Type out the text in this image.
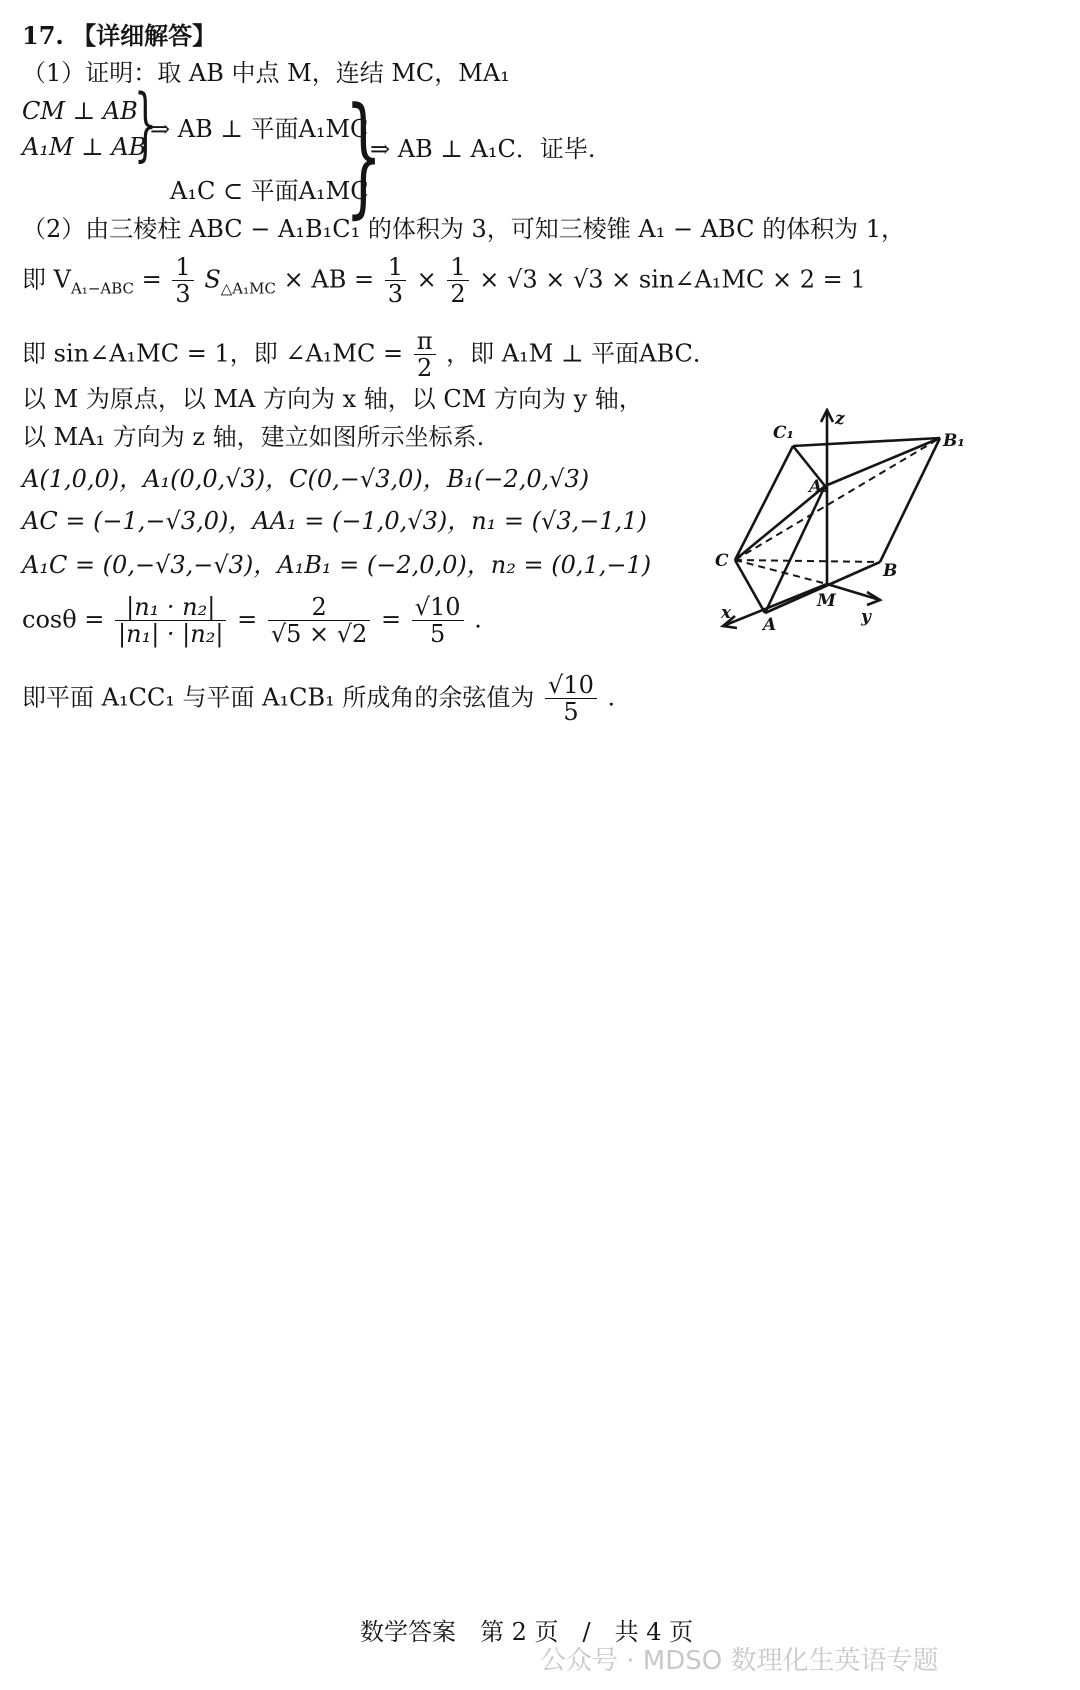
17. 【详细解答】
（1）证明：取 AB 中点 M，连结 MC，MA₁
CM ⊥ AB
A₁M ⊥ AB
}
⇒ AB ⊥ 平面A₁MC
A₁C ⊂ 平面A₁MC
}
⇒ AB ⊥ A₁C．证毕.
（2）由三棱柱 ABC − A₁B₁C₁ 的体积为 3，可知三棱锥 A₁ − ABC 的体积为 1，
即 $V_{A_1-ABC} = \frac{1}{3} S_{\triangle A_1MC}$ × AB = $\frac{1}{3} \times \frac{1}{2} \times √3 \times √3$ × sin∠A₁MC × 2 = 1
即 sin∠A₁MC = 1，即 ∠A₁MC = $\frac{\pi}{2}$ ，即 A₁M ⊥ 平面ABC．
以 M 为原点，以 MA 方向为 x 轴，以 CM 方向为 y 轴，
以 MA₁ 方向为 z 轴，建立如图所示坐标系.
A(1,0,0)，A₁(0,0,√3)，C(0,−√3,0)，B₁(−2,0,√3)
AC = (−1,−√3,0)，AA₁ = (−1,0,√3)，n₁ = (√3,−1,1)
A₁C = (0,−√3,−√3)，A₁B₁ = (−2,0,0)，n₂ = (0,1,−1)
$\cos\theta = \frac{\text{|n₁ · n₂|}}{\text{|n₁| · |n₂|}} = \frac{2}{√5 \times √2} = \frac{√10}{5}$ .
即平面 A₁CC₁ 与平面 A₁CB₁ 所成角的余弦值为 $\frac{√10}{5}$ .
C₁	B₁
A₁
C	B
M
A
x	y
z
数学答案　第 2 页　/　共 4 页
公众号 · MDSO 数理化生英语专题
